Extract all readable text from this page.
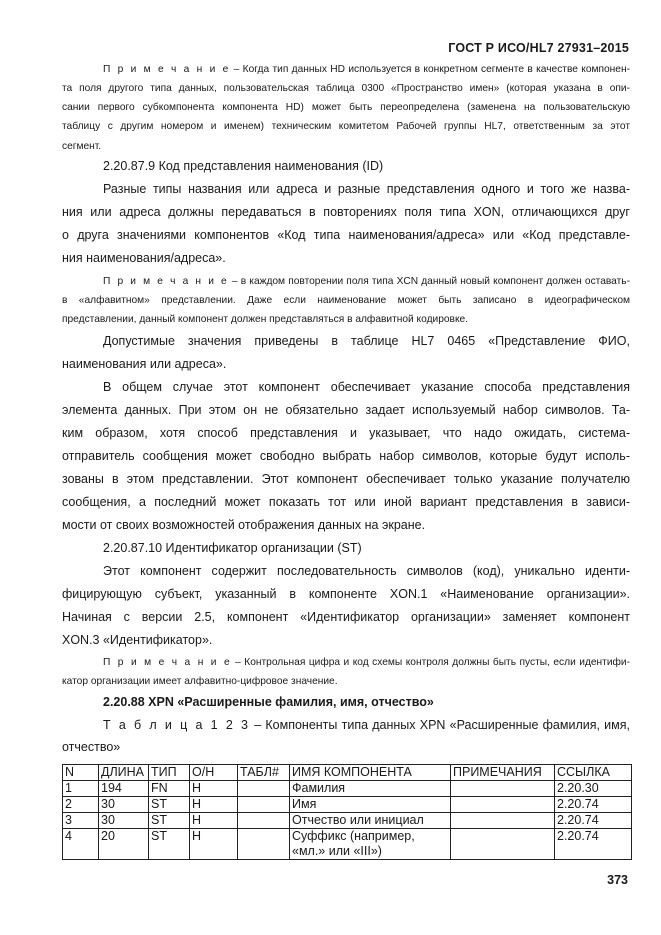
ГОСТ Р ИСО/HL7 27931–2015
П р и м е ч а н и е – Когда тип данных HD используется в конкретном сегменте в качестве компонен-
та поля другого типа данных, пользовательская таблица 0300 «Пространство имен» (которая указана в опи-
сании первого субкомпонента компонента HD) может быть переопределена (заменена на пользовательскую
таблицу с другим номером и именем) техническим комитетом Рабочей группы HL7, ответственным за этот
сегмент.
2.20.87.9 Код представления наименования (ID)
Разные типы названия или адреса и разные представления одного и того же назва-
ния или адреса должны передаваться в повторениях поля типа XON, отличающихся друг
о друга значениями компонентов «Код типа наименования/адреса» или «Код представле-
ния наименования/адреса».
П р и м е ч а н и е – в каждом повторении поля типа XCN данный новый компонент должен оставать-
в «алфавитном» представлении. Даже если наименование может быть записано в идеографическом
представлении, данный компонент должен представляться в алфавитной кодировке.
Допустимые значения приведены в таблице HL7 0465 «Представление ФИО,
наименования или адреса».
В общем случае этот компонент обеспечивает указание способа представления
элемента данных. При этом он не обязательно задает используемый набор символов. Та-
ким образом, хотя способ представления и указывает, что надо ожидать, система-
отправитель сообщения может свободно выбрать набор символов, которые будут исполь-
зованы в этом представлении. Этот компонент обеспечивает только указание получателю
сообщения, а последний может показать тот или иной вариант представления в зависи-
мости от своих возможностей отображения данных на экране.
2.20.87.10 Идентификатор организации (ST)
Этот компонент содержит последовательность символов (код), уникально иденти-
фицирующую субъект, указанный в компоненте XON.1 «Наименование организации».
Начиная с версии 2.5, компонент «Идентификатор организации» заменяет компонент
XON.3 «Идентификатор».
П р и м е ч а н и е – Контрольная цифра и код схемы контроля должны быть пусты, если идентифи-
катор организации имеет алфавитно-цифровое значение.
2.20.88 XPN «Расширенные фамилия, имя, отчество»
Т а б л и ц а 1 2 3 – Компоненты типа данных XPN «Расширенные фамилия, имя,
отчество»
N	ДЛИНА	ТИП	О/Н	ТАБЛ#	ИМЯ КОМПОНЕНТА	ПРИМЕЧАНИЯ	ССЫЛКА
1	194	FN	H		Фамилия		2.20.30
2	30	ST	H		Имя		2.20.74
3	30	ST	H		Отчество или инициал		2.20.74
4	20	ST	H		Суффикс (например, «мл.» или «III»)		2.20.74
373
